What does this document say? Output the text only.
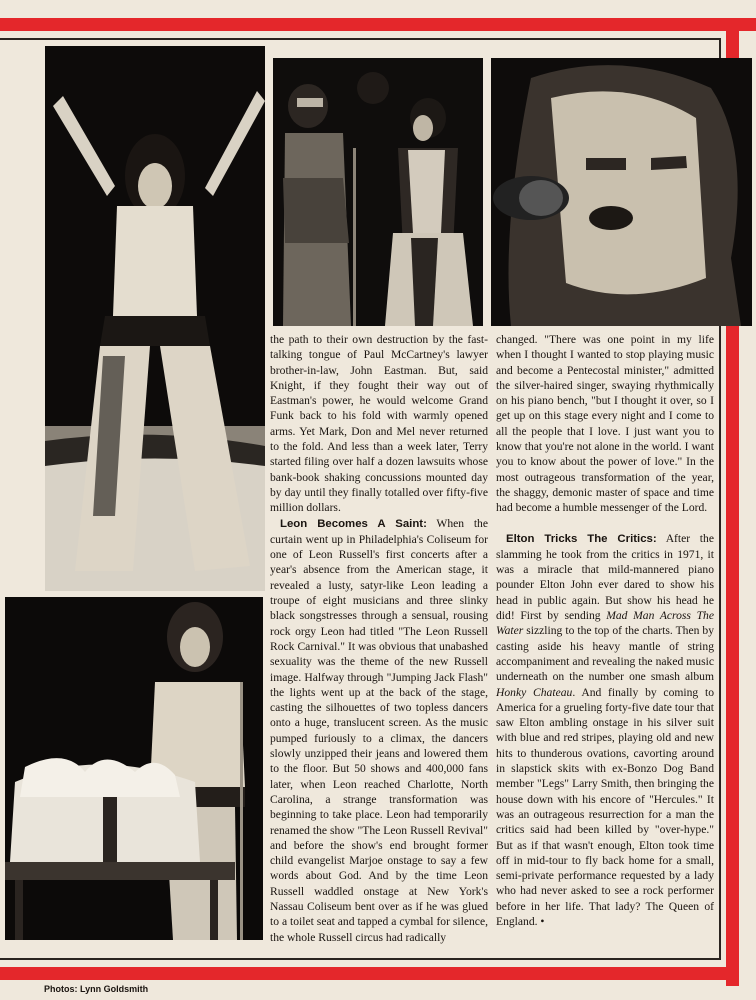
the path to their own destruction by the fast-talking tongue of Paul McCartney's lawyer brother-in-law, John Eastman. But, said Knight, if they fought their way out of Eastman's power, he would welcome Grand Funk back to his fold with warmly opened arms. Yet Mark, Don and Mel never returned to the fold. And less than a week later, Terry started filing over half a dozen lawsuits whose bank-book shaking concussions mounted day by day until they finally totalled over fifty-five million dollars.

Leon Becomes A Saint: When the curtain went up in Philadelphia's Coliseum for one of Leon Russell's first concerts after a year's absence from the American stage, it revealed a lusty, satyr-like Leon leading a troupe of eight musicians and three slinky black songstresses through a sensual, rousing rock orgy Leon had titled "The Leon Russell Rock Carnival." It was obvious that unabashed sexuality was the theme of the new Russell image. Halfway through "Jumping Jack Flash" the lights went up at the back of the stage, casting the silhouettes of two topless dancers onto a huge, translucent screen. As the music pumped furiously to a climax, the dancers slowly unzipped their jeans and lowered them to the floor. But 50 shows and 400,000 fans later, when Leon reached Charlotte, North Carolina, a strange transformation was beginning to take place. Leon had temporarily renamed the show "The Leon Russell Revival" and before the show's end brought former child evangelist Marjoe onstage to say a few words about God. And by the time Leon Russell waddled onstage at New York's Nassau Coliseum bent over as if he was glued to a toilet seat and tapped a cymbal for silence, the whole Russell circus had radically

changed. "There was one point in my life when I thought I wanted to stop playing music and become a Pentecostal minister," admitted the silver-haired singer, swaying rhythmically on his piano bench, "but I thought it over, so I get up on this stage every night and I come to all the people that I love. I just want you to know that you're not alone in the world. I want you to know about the power of love." In the most outrageous transformation of the year, the shaggy, demonic master of space and time had become a humble messenger of the Lord.

Elton Tricks The Critics: After the slamming he took from the critics in 1971, it was a miracle that mild-mannered piano pounder Elton John ever dared to show his head in public again. But show his head he did! First by sending Mad Man Across The Water sizzling to the top of the charts. Then by casting aside his heavy mantle of string accompaniment and revealing the naked music underneath on the number one smash album Honky Chateau. And finally by coming to America for a grueling forty-five date tour that saw Elton ambling onstage in his silver suit with blue and red stripes, playing old and new hits to thunderous ovations, cavorting around in slapstick skits with ex-Bonzo Dog Band member "Legs" Larry Smith, then bringing the house down with his encore of "Hercules." It was an outrageous resurrection for a man the critics said had been killed by "over-hype." But as if that wasn't enough, Elton took time off in mid-tour to fly back home for a small, semi-private performance requested by a lady who had never asked to see a rock performer before in her life. That lady? The Queen of England. •

Photos: Lynn Goldsmith
